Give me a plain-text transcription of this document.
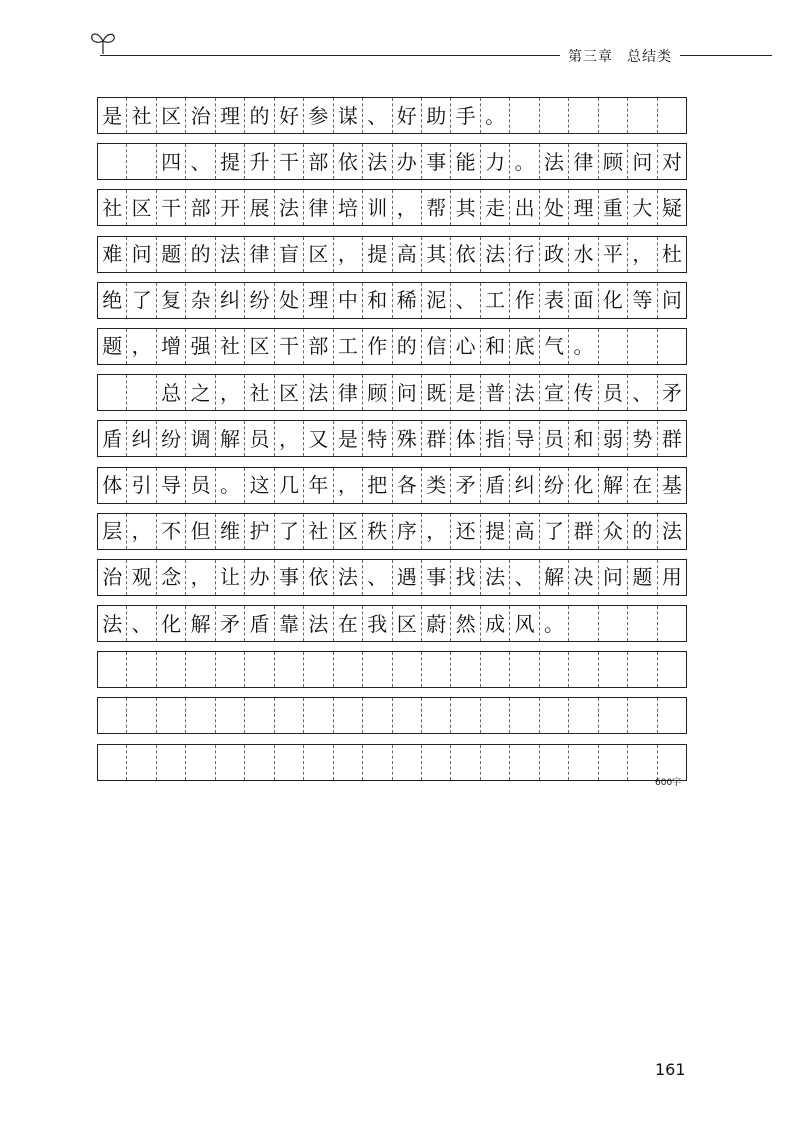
第三章 总结类
是 社 区 治 理 的 好 参 谋 、 好 助 手 。
四 、 提 升 干 部 依 法 办 事 能 力 。 法 律 顾 问 对
社 区 干 部 开 展 法 律 培 训 ， 帮 其 走 出 处 理 重 大 疑
难 问 题 的 法 律 盲 区 ， 提 高 其 依 法 行 政 水 平 ， 杜
绝 了 复 杂 纠 纷 处 理 中 和 稀 泥 、 工 作 表 面 化 等 问
题 ， 增 强 社 区 干 部 工 作 的 信 心 和 底 气 。
总 之 ， 社 区 法 律 顾 问 既 是 普 法 宣 传 员 、 矛
盾 纠 纷 调 解 员 ， 又 是 特 殊 群 体 指 导 员 和 弱 势 群
体 引 导 员 。 这 几 年 ， 把 各 类 矛 盾 纠 纷 化 解 在 基
层 ， 不 但 维 护 了 社 区 秩 序 ， 还 提 高 了 群 众 的 法
治 观 念 ， 让 办 事 依 法 、 遇 事 找 法 、 解 决 问 题 用
法 、 化 解 矛 盾 靠 法 在 我 区 蔚 然 成 风 。
600字
161
